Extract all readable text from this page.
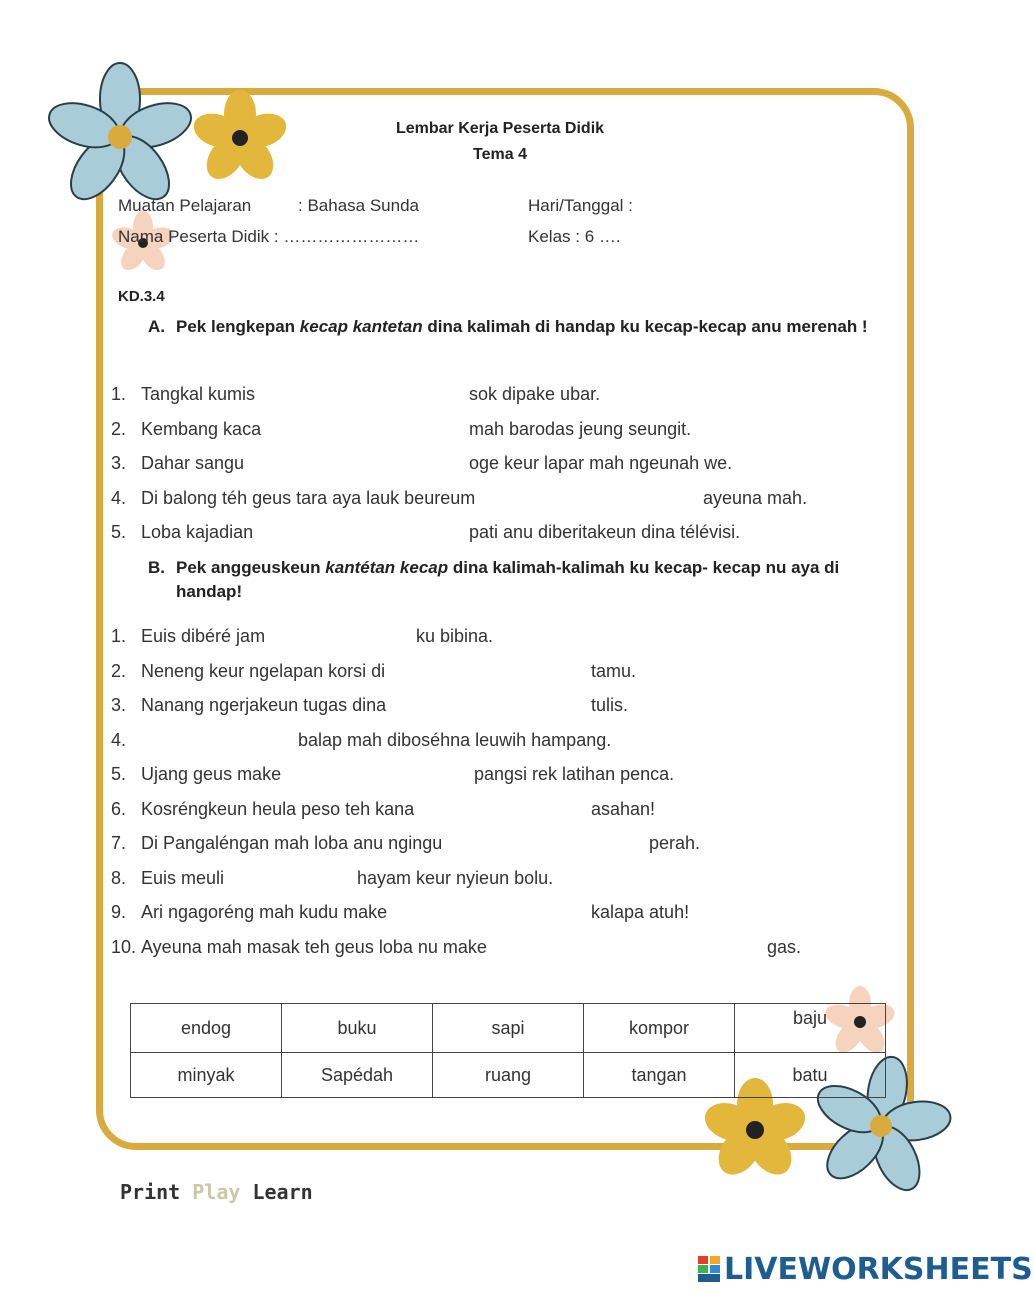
Lembar Kerja Peserta Didik
Tema 4
Muatan Pelajaran	: Bahasa Sunda	Hari/Tanggal :
Nama Peserta Didik : ……………………	Kelas : 6 ….
KD.3.4
A. Pek lengkepan kecap kantetan dina kalimah di handap ku kecap-kecap anu merenah !
1. Tangkal kumis	sok dipake ubar.
2. Kembang kaca	mah barodas jeung seungit.
3. Dahar sangu	oge keur lapar mah ngeunah we.
4. Di balong téh geus tara aya lauk beureum	ayeuna mah.
5. Loba kajadian	pati anu diberitakeun dina télévisi.
B. Pek anggeuskeun kantétan kecap dina kalimah-kalimah ku kecap- kecap nu aya di handap!
1. Euis dibéré jam	ku bibina.
2. Neneng keur ngelapan korsi di	tamu.
3. Nanang ngerjakeun tugas dina	tulis.
4.	balap mah diboséhna leuwih hampang.
5. Ujang geus make	pangsi rek latihan penca.
6. Kosréngkeun heula peso teh kana	asahan!
7. Di Pangaléngan mah loba anu ngingu	perah.
8. Euis meuli	hayam keur nyieun bolu.
9. Ari ngagoréng mah kudu make	kalapa atuh!
10. Ayeuna mah masak teh geus loba nu make	gas.
endog	buku	sapi	kompor	baju
minyak	Sapédah	ruang	tangan	batu
Print Play Learn
LIVEWORKSHEETS
